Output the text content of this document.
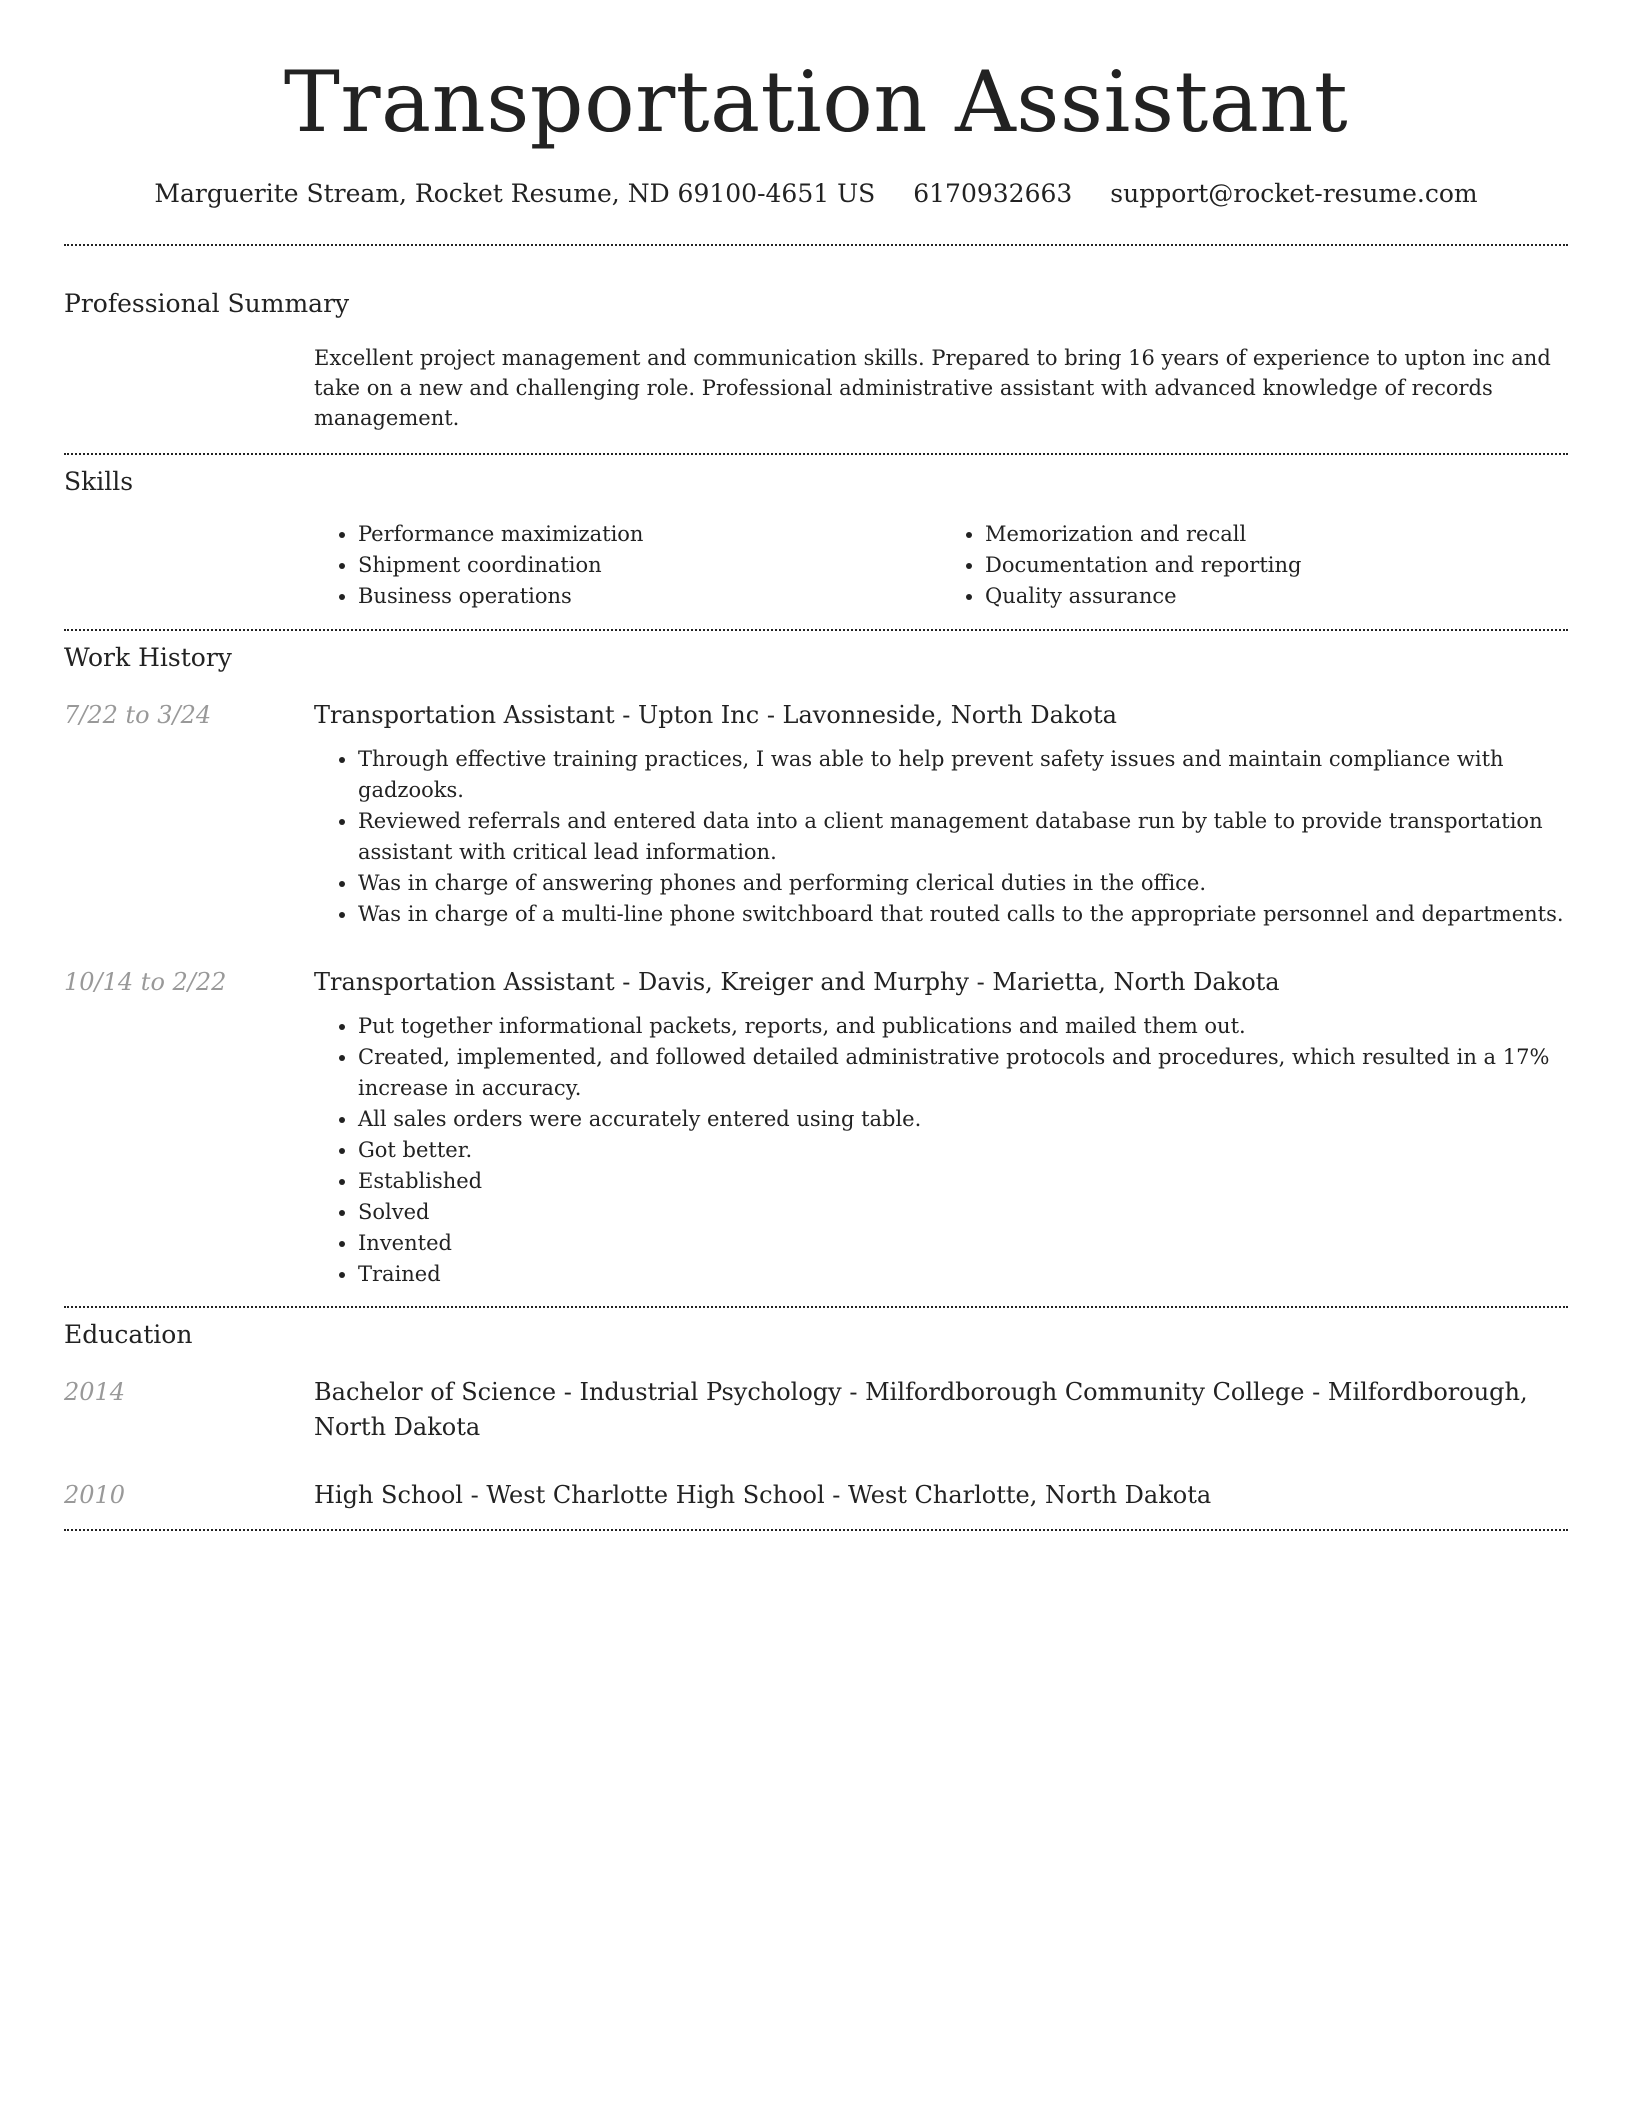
Transportation Assistant
Marguerite Stream, Rocket Resume, ND 69100-4651 US 6170932663 support@rocket-resume.com
Professional Summary

Excellent project management and communication skills. Prepared to bring 16 years of experience to upton inc and take on a new and challenging role. Professional administrative assistant with advanced knowledge of records management.

Skills
• Performance maximization
• Shipment coordination
• Business operations
• Memorization and recall
• Documentation and reporting
• Quality assurance
Work History
7/22 to 3/24	Transportation Assistant - Upton Inc - Lavonneside, North Dakota

• Through effective training practices, I was able to help prevent safety issues and maintain compliance with gadzooks.
• Reviewed referrals and entered data into a client management database run by table to provide transportation assistant with critical lead information.
• Was in charge of answering phones and performing clerical duties in the office.
• Was in charge of a multi-line phone switchboard that routed calls to the appropriate personnel and departments.
10/14 to 2/22	Transportation Assistant - Davis, Kreiger and Murphy - Marietta, North Dakota

• Put together informational packets, reports, and publications and mailed them out.
• Created, implemented, and followed detailed administrative protocols and procedures, which resulted in a 17% increase in accuracy.
• All sales orders were accurately entered using table.
• Got better.
• Established
• Solved
• Invented
• Trained
Education
2014	Bachelor of Science - Industrial Psychology - Milfordborough Community College - Milfordborough, North Dakota

2010	High School - West Charlotte High School - West Charlotte, North Dakota
